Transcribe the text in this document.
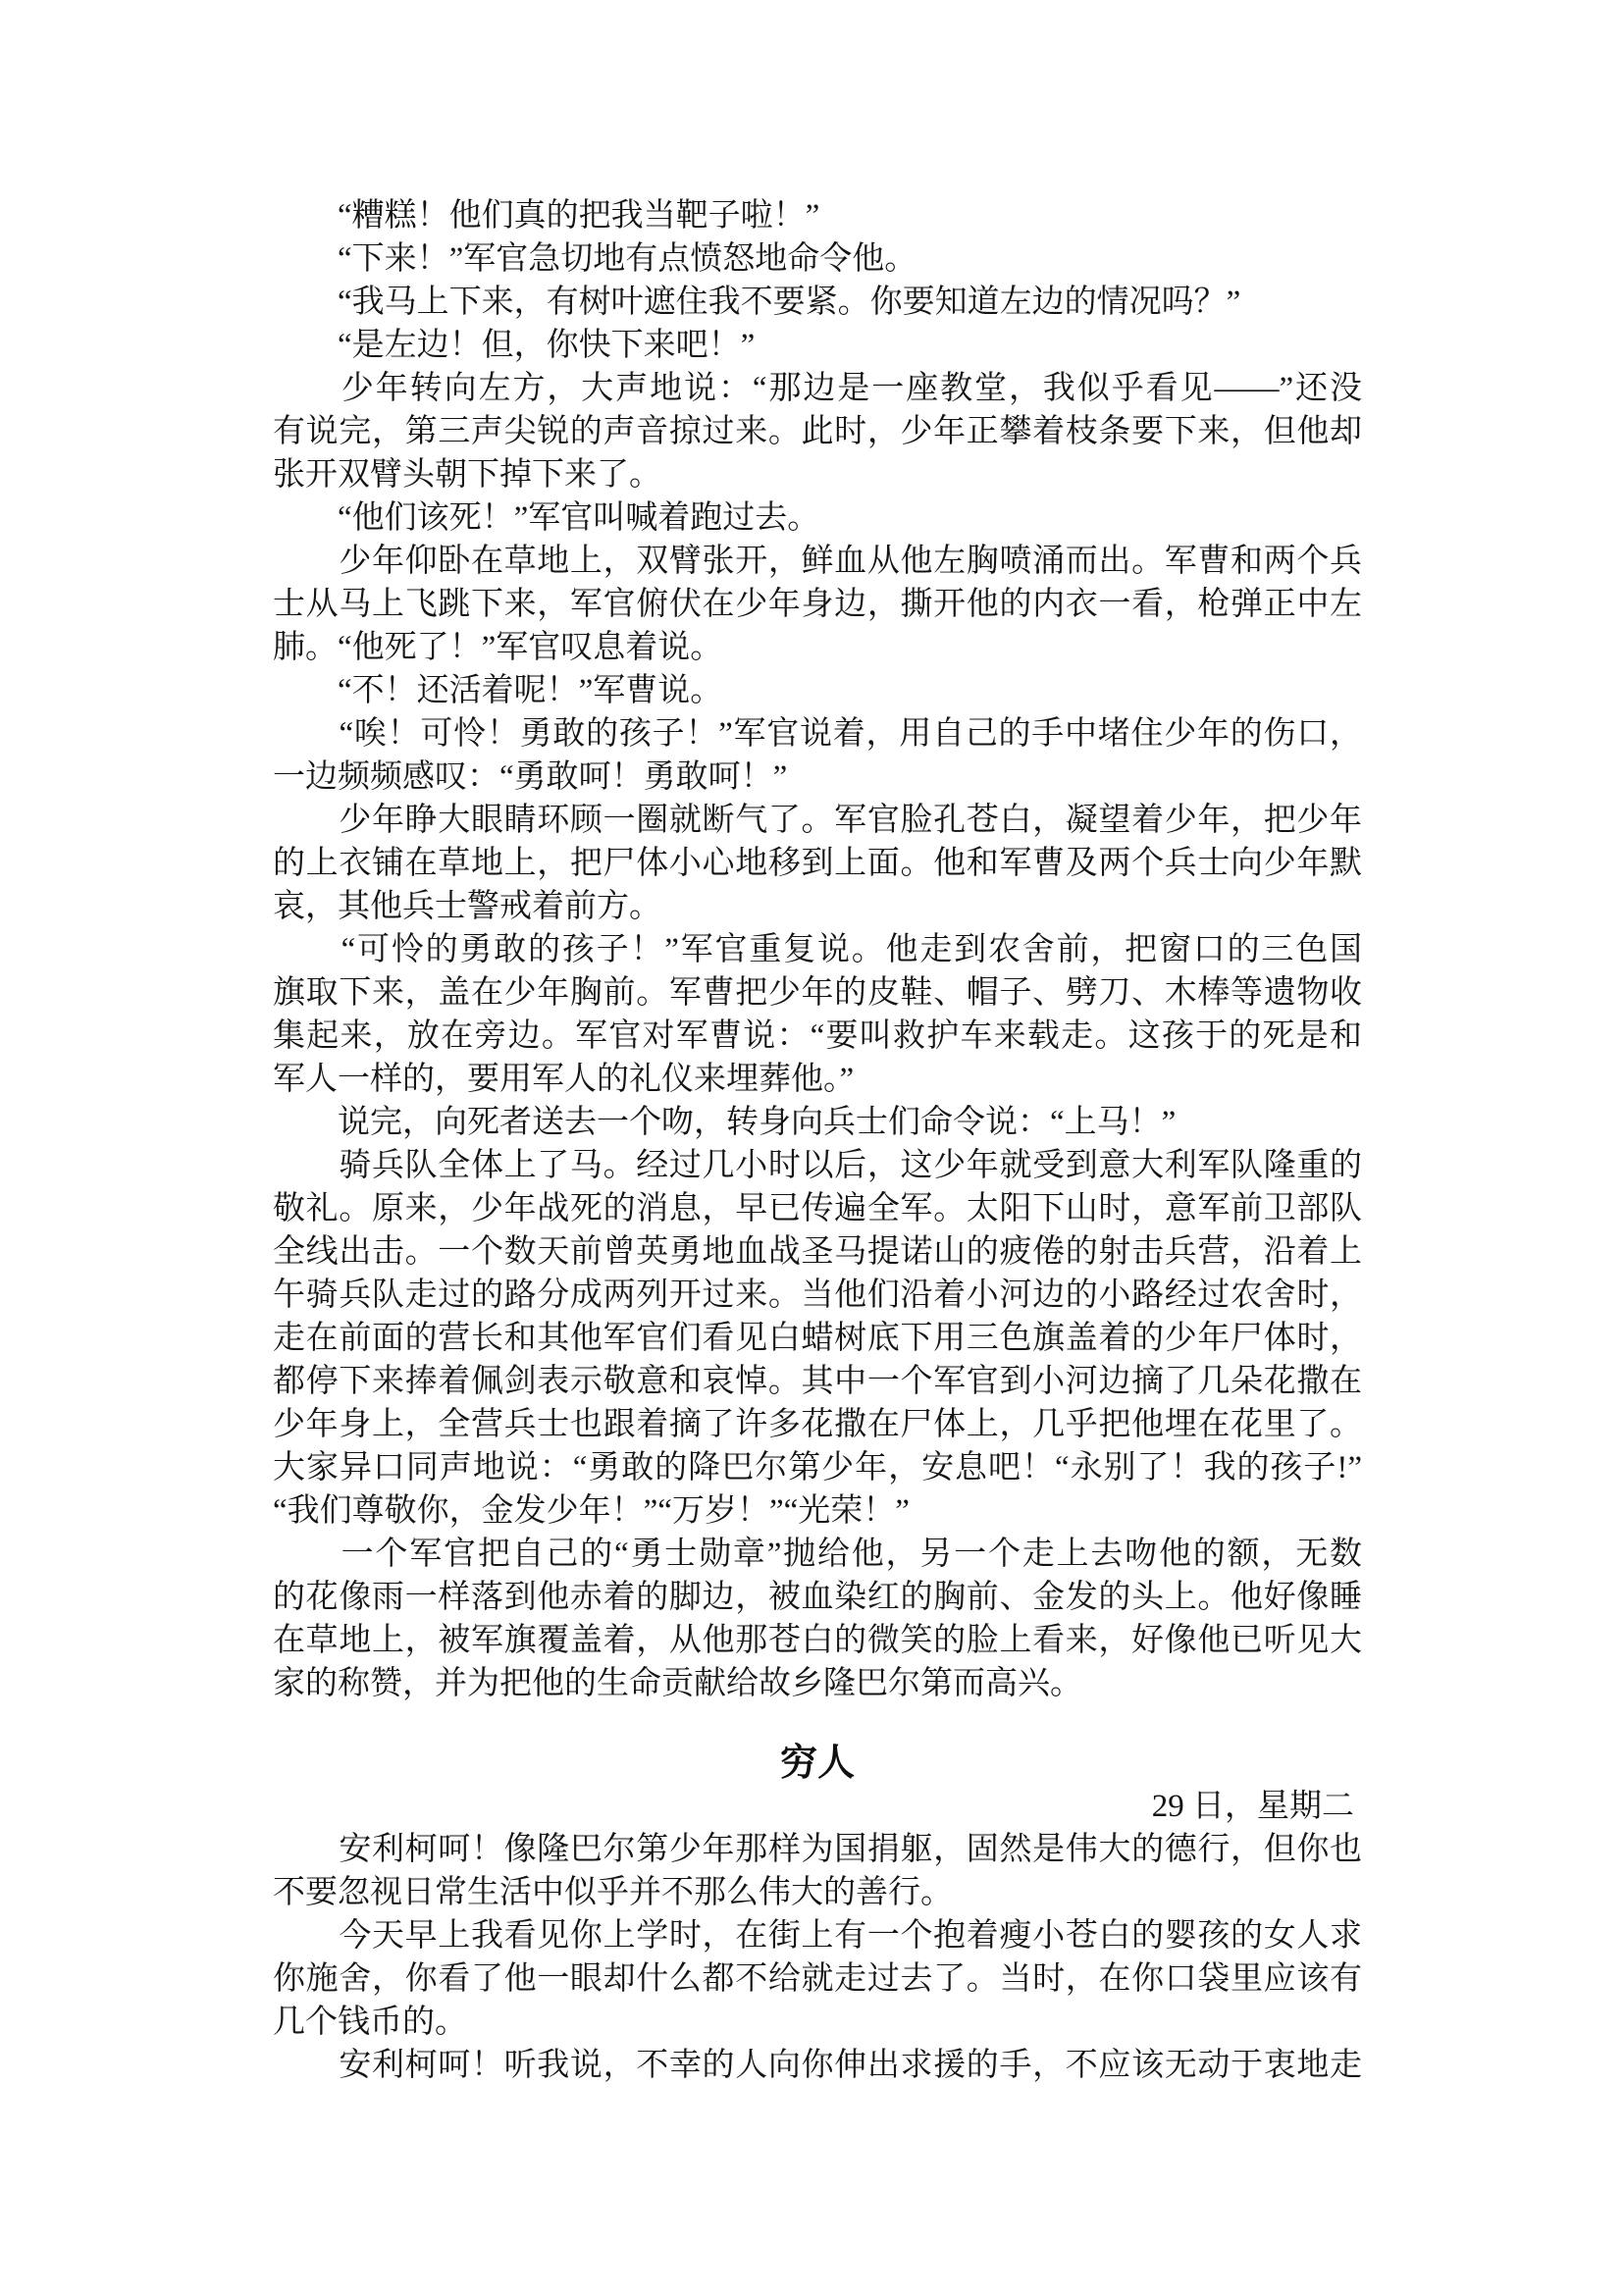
　　“糟糕！他们真的把我当靶子啦！”
　　“下来！”军官急切地有点愤怒地命令他。
　　“我马上下来，有树叶遮住我不要紧。你要知道左边的情况吗？”
　　“是左边！但，你快下来吧！”
　　少年转向左方，大声地说：“那边是一座教堂，我似乎看见——”还没
有说完，第三声尖锐的声音掠过来。此时，少年正攀着枝条要下来，但他却
张开双臂头朝下掉下来了。
　　“他们该死！”军官叫喊着跑过去。
　　少年仰卧在草地上，双臂张开，鲜血从他左胸喷涌而出。军曹和两个兵
士从马上飞跳下来，军官俯伏在少年身边，撕开他的内衣一看，枪弹正中左
肺。“他死了！”军官叹息着说。
　　“不！还活着呢！”军曹说。
　　“唉！可怜！勇敢的孩子！”军官说着，用自己的手中堵住少年的伤口，
一边频频感叹：“勇敢呵！勇敢呵！”
　　少年睁大眼睛环顾一圈就断气了。军官脸孔苍白，凝望着少年，把少年
的上衣铺在草地上，把尸体小心地移到上面。他和军曹及两个兵士向少年默
哀，其他兵士警戒着前方。
　　“可怜的勇敢的孩子！”军官重复说。他走到农舍前，把窗口的三色国
旗取下来，盖在少年胸前。军曹把少年的皮鞋、帽子、劈刀、木棒等遗物收
集起来，放在旁边。军官对军曹说：“要叫救护车来载走。这孩于的死是和
军人一样的，要用军人的礼仪来埋葬他。”
　　说完，向死者送去一个吻，转身向兵士们命令说：“上马！”
　　骑兵队全体上了马。经过几小时以后，这少年就受到意大利军队隆重的
敬礼。原来，少年战死的消息，早已传遍全军。太阳下山时，意军前卫部队
全线出击。一个数天前曾英勇地血战圣马提诺山的疲倦的射击兵营，沿着上
午骑兵队走过的路分成两列开过来。当他们沿着小河边的小路经过农舍时，
走在前面的营长和其他军官们看见白蜡树底下用三色旗盖着的少年尸体时，
都停下来捧着佩剑表示敬意和哀悼。其中一个军官到小河边摘了几朵花撒在
少年身上，全营兵士也跟着摘了许多花撒在尸体上，几乎把他埋在花里了。
大家异口同声地说：“勇敢的降巴尔第少年，安息吧！“永别了！我的孩子!”
“我们尊敬你，金发少年！”“万岁！”“光荣！”
　　一个军官把自己的“勇士勋章”抛给他，另一个走上去吻他的额，无数
的花像雨一样落到他赤着的脚边，被血染红的胸前、金发的头上。他好像睡
在草地上，被军旗覆盖着，从他那苍白的微笑的脸上看来，好像他已听见大
家的称赞，并为把他的生命贡献给故乡隆巴尔第而高兴。
穷人
29 日，星期二
　　安利柯呵！像隆巴尔第少年那样为国捐躯，固然是伟大的德行，但你也
不要忽视日常生活中似乎并不那么伟大的善行。
　　今天早上我看见你上学时，在街上有一个抱着瘦小苍白的婴孩的女人求
你施舍，你看了他一眼却什么都不给就走过去了。当时，在你口袋里应该有
几个钱币的。
　　安利柯呵！听我说，不幸的人向你伸出求援的手，不应该无动于衷地走
